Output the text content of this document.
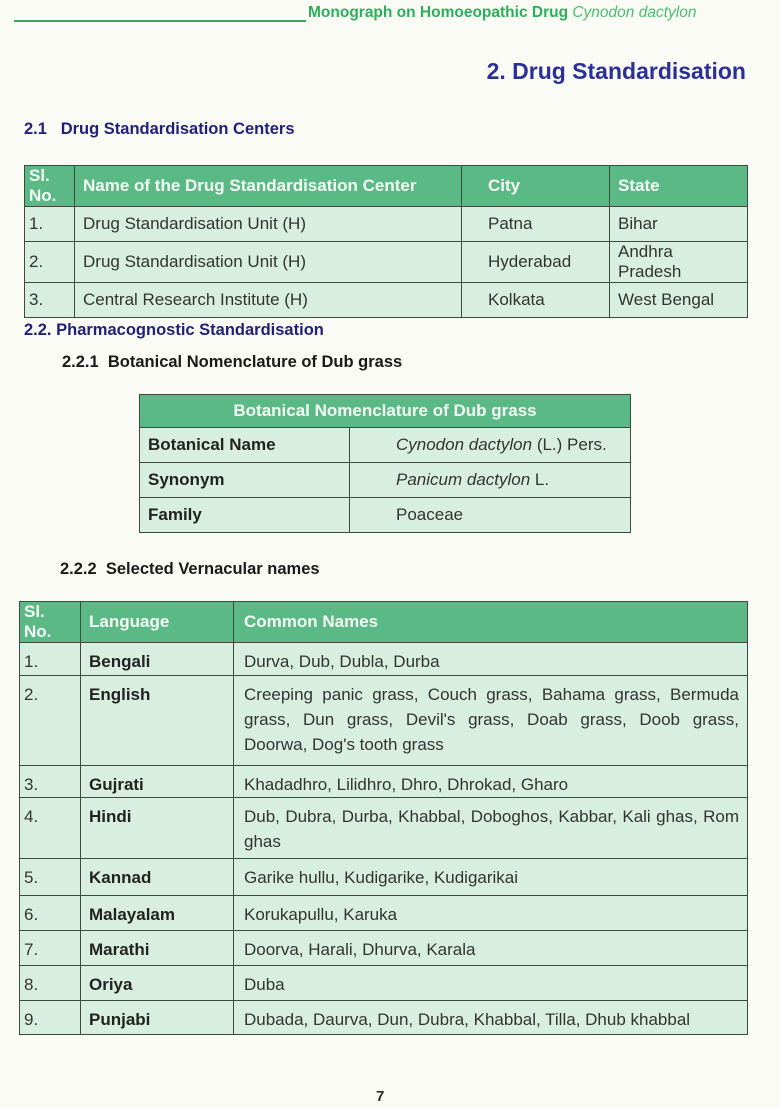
Monograph on Homoeopathic Drug Cynodon dactylon
2. Drug Standardisation
2.1 Drug Standardisation Centers
Sl. No.	Name of the Drug Standardisation Center	City	State
1.	Drug Standardisation Unit (H)	Patna	Bihar
2.	Drug Standardisation Unit (H)	Hyderabad	Andhra Pradesh
3.	Central Research Institute (H)	Kolkata	West Bengal
2.2. Pharmacognostic Standardisation
2.2.1 Botanical Nomenclature of Dub grass
Botanical Nomenclature of Dub grass	
Botanical Name	Cynodon dactylon (L.) Pers.
Synonym	Panicum dactylon L.
Family	Poaceae
2.2.2 Selected Vernacular names
Sl. No.	Language	Common Names
1.	Bengali	Durva, Dub, Dubla, Durba
2.	English	Creeping panic grass, Couch grass, Bahama grass, Bermuda grass, Dun grass, Devil's grass, Doab grass, Doob grass, Doorwa, Dog's tooth grass
3.	Gujrati	Khadadhro, Lilidhro, Dhro, Dhrokad, Gharo
4.	Hindi	Dub, Dubra, Durba, Khabbal, Doboghos, Kabbar, Kali ghas, Rom ghas
5.	Kannad	Garike hullu, Kudigarike, Kudigarikai
6.	Malayalam	Korukapullu, Karuka
7.	Marathi	Doorva, Harali, Dhurva, Karala
8.	Oriya	Duba
9.	Punjabi	Dubada, Daurva, Dun, Dubra, Khabbal, Tilla, Dhub khabbal
7
